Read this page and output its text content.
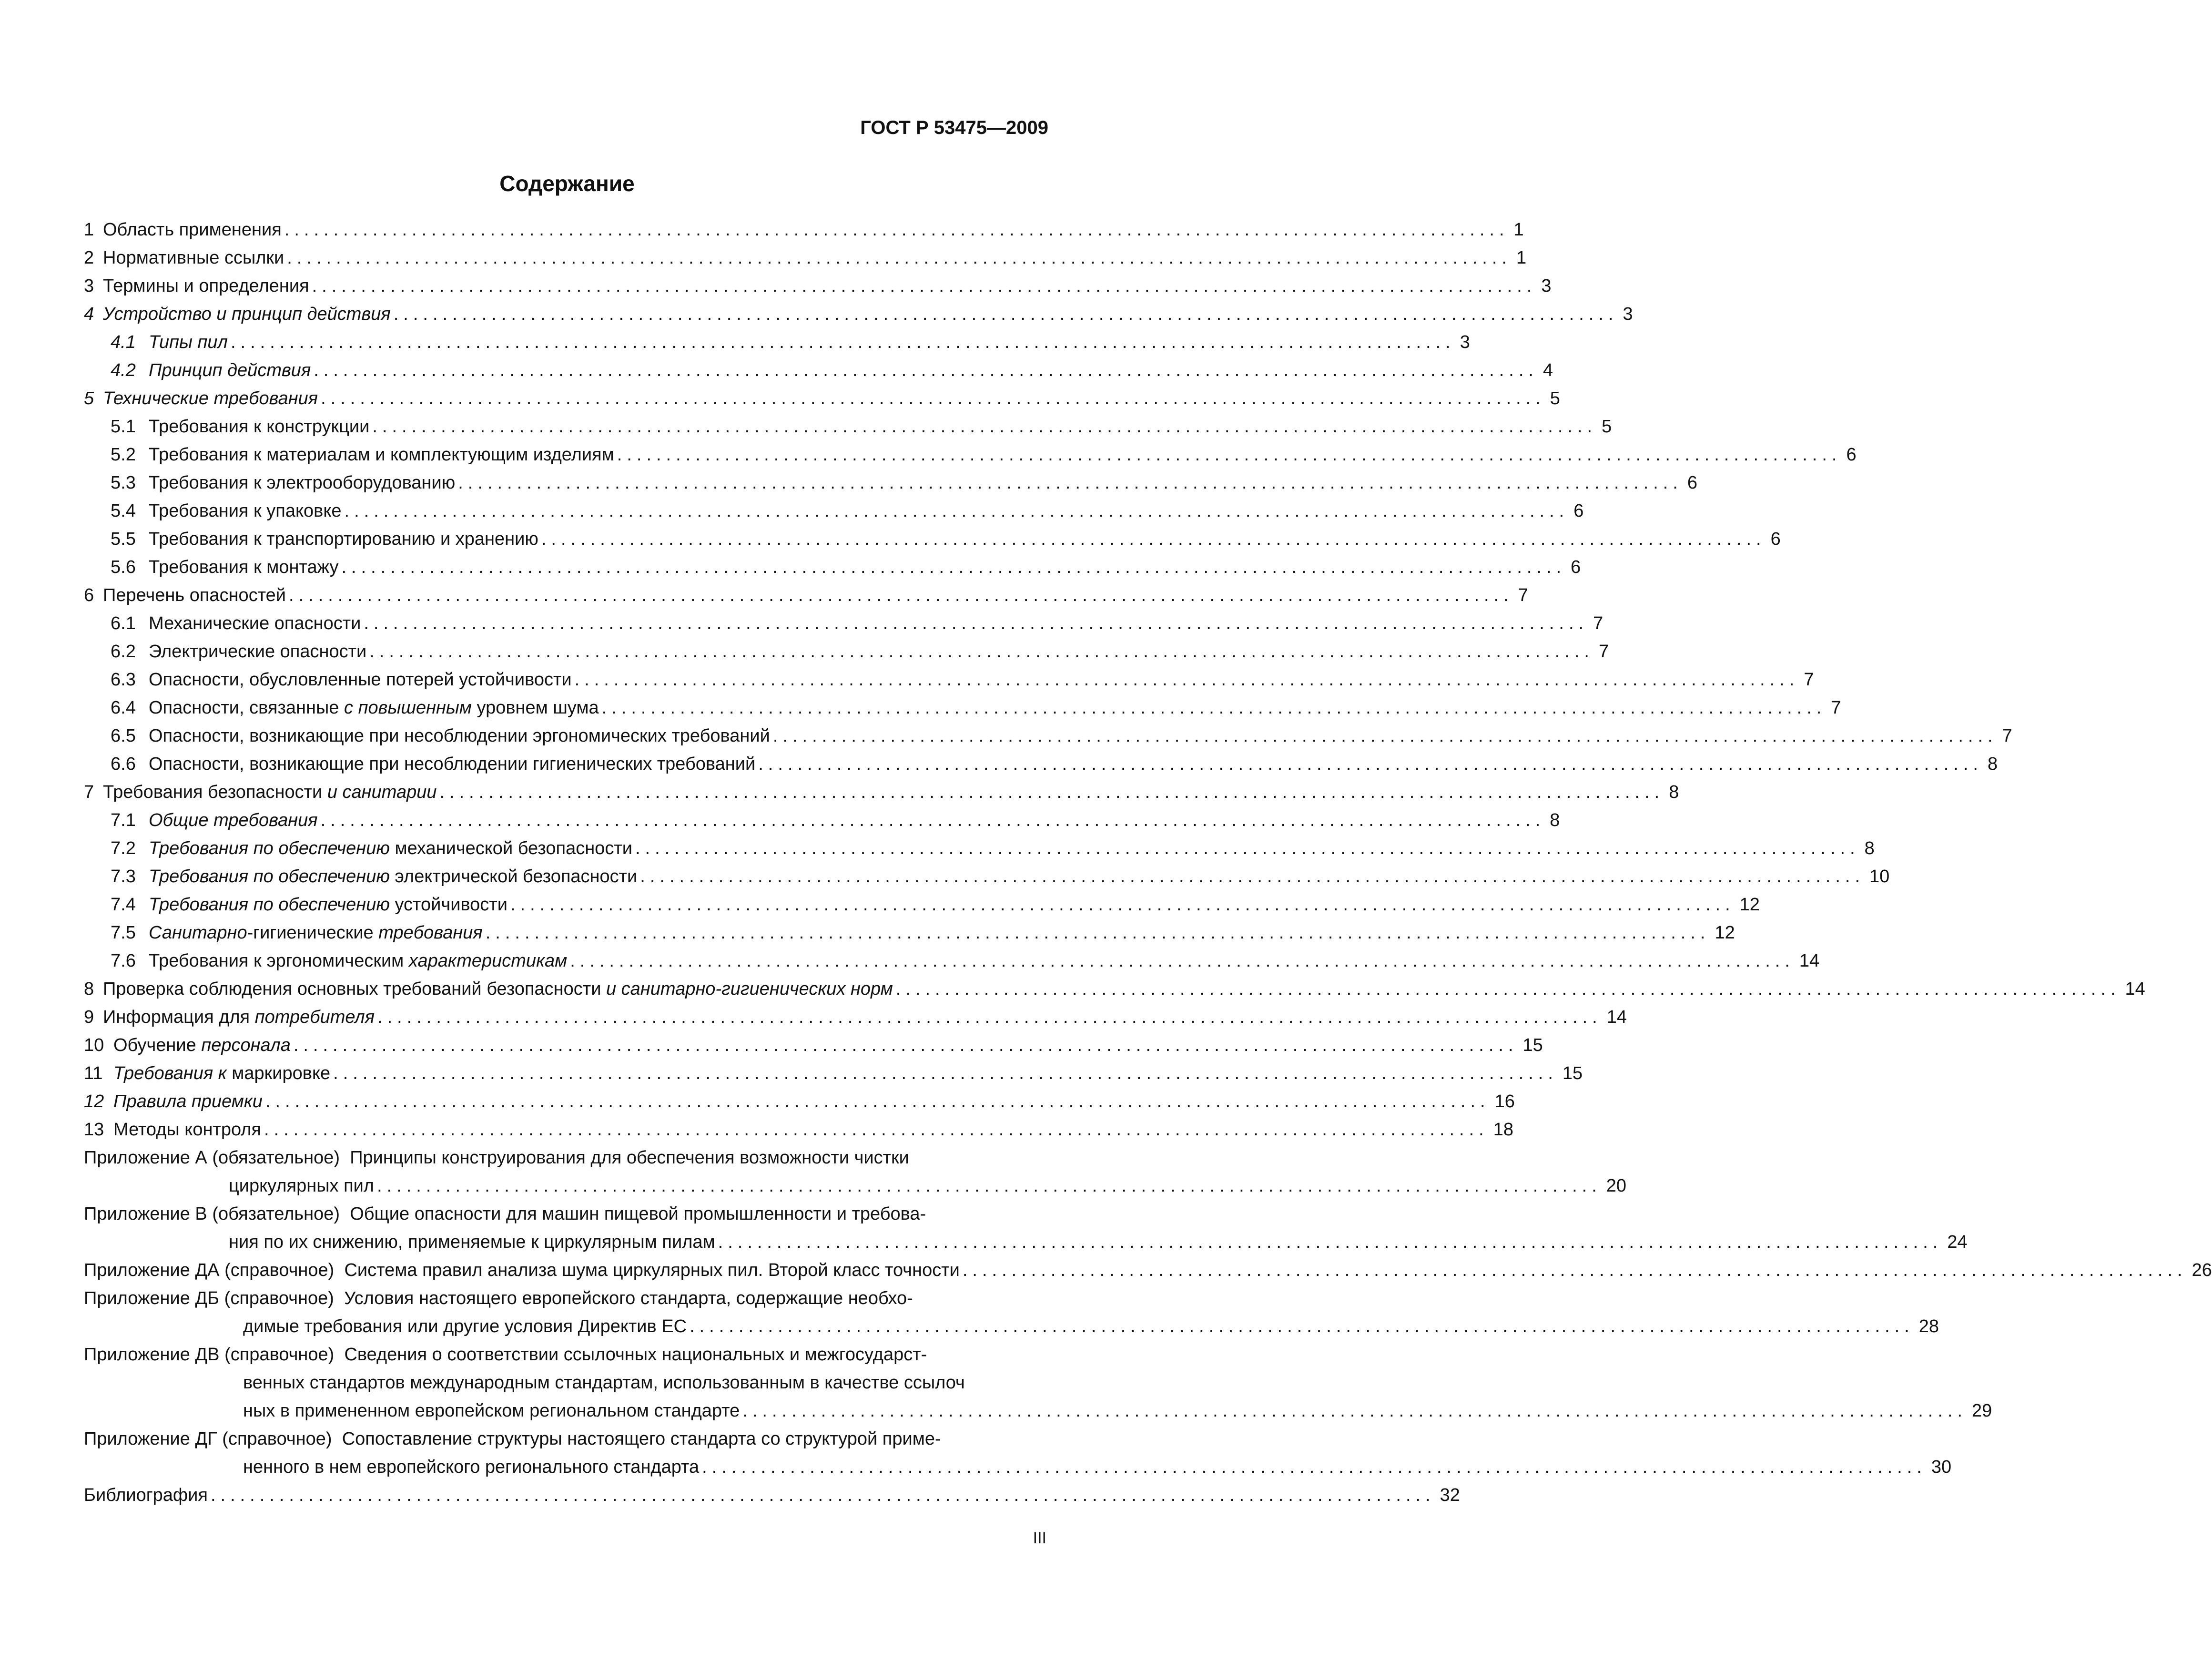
ГОСТ Р 53475—2009
Содержание
1 Область применения ............................................................................................................................. 1
2 Нормативные ссылки ............................................................................................................................. 1
3 Термины и определения ............................................................................................................................. 3
4 Устройство и принцип действия ............................................................................................................................. 3
4.1 Типы пил ............................................................................................................................. 3
4.2 Принцип действия ............................................................................................................................. 4
5 Технические требования ............................................................................................................................. 5
5.1 Требования к конструкции ............................................................................................................................. 5
5.2 Требования к материалам и комплектующим изделиям ............................................................................................................................. 6
5.3 Требования к электрооборудованию ............................................................................................................................. 6
5.4 Требования к упаковке ............................................................................................................................. 6
5.5 Требования к транспортированию и хранению ............................................................................................................................. 6
5.6 Требования к монтажу ............................................................................................................................. 6
6 Перечень опасностей ............................................................................................................................. 7
6.1 Механические опасности ............................................................................................................................. 7
6.2 Электрические опасности ............................................................................................................................. 7
6.3 Опасности, обусловленные потерей устойчивости ............................................................................................................................. 7
6.4 Опасности, связанные с повышенным уровнем шума ............................................................................................................................. 7
6.5 Опасности, возникающие при несоблюдении эргономических требований ............................................................................................................................. 7
6.6 Опасности, возникающие при несоблюдении гигиенических требований ............................................................................................................................. 8
7 Требования безопасности и санитарии ............................................................................................................................. 8
7.1 Общие требования ............................................................................................................................. 8
7.2 Требования по обеспечению механической безопасности ............................................................................................................................. 8
7.3 Требования по обеспечению электрической безопасности ............................................................................................................................. 10
7.4 Требования по обеспечению устойчивости ............................................................................................................................. 12
7.5 Санитарно-гигиенические требования ............................................................................................................................. 12
7.6 Требования к эргономическим характеристикам ............................................................................................................................. 14
8 Проверка соблюдения основных требований безопасности и санитарно-гигиенических норм ............................................................................................................................. 14
9 Информация для потребителя ............................................................................................................................. 14
10 Обучение персонала ............................................................................................................................. 15
11 Требования к маркировке ............................................................................................................................. 15
12 Правила приемки ............................................................................................................................. 16
13 Методы контроля ............................................................................................................................. 18
Приложение А (обязательное) Принципы конструирования для обеспечения возможности чистки
циркулярных пил ............................................................................................................................. 20
Приложение В (обязательное) Общие опасности для машин пищевой промышленности и требова-
ния по их снижению, применяемые к циркулярным пилам ............................................................................................................................. 24
Приложение ДА (справочное) Система правил анализа шума циркулярных пил. Второй класс точности ............................................................................................................................. 26
Приложение ДБ (справочное) Условия настоящего европейского стандарта, содержащие необхо-
димые требования или другие условия Директив ЕС ............................................................................................................................. 28
Приложение ДВ (справочное) Сведения о соответствии ссылочных национальных и межгосударст-
венных стандартов международным стандартам, использованным в качестве ссылоч
ных в примененном европейском региональном стандарте ............................................................................................................................. 29
Приложение ДГ (справочное) Сопоставление структуры настоящего стандарта со структурой приме-
ненного в нем европейского регионального стандарта ............................................................................................................................. 30
Библиография ............................................................................................................................. 32
III
